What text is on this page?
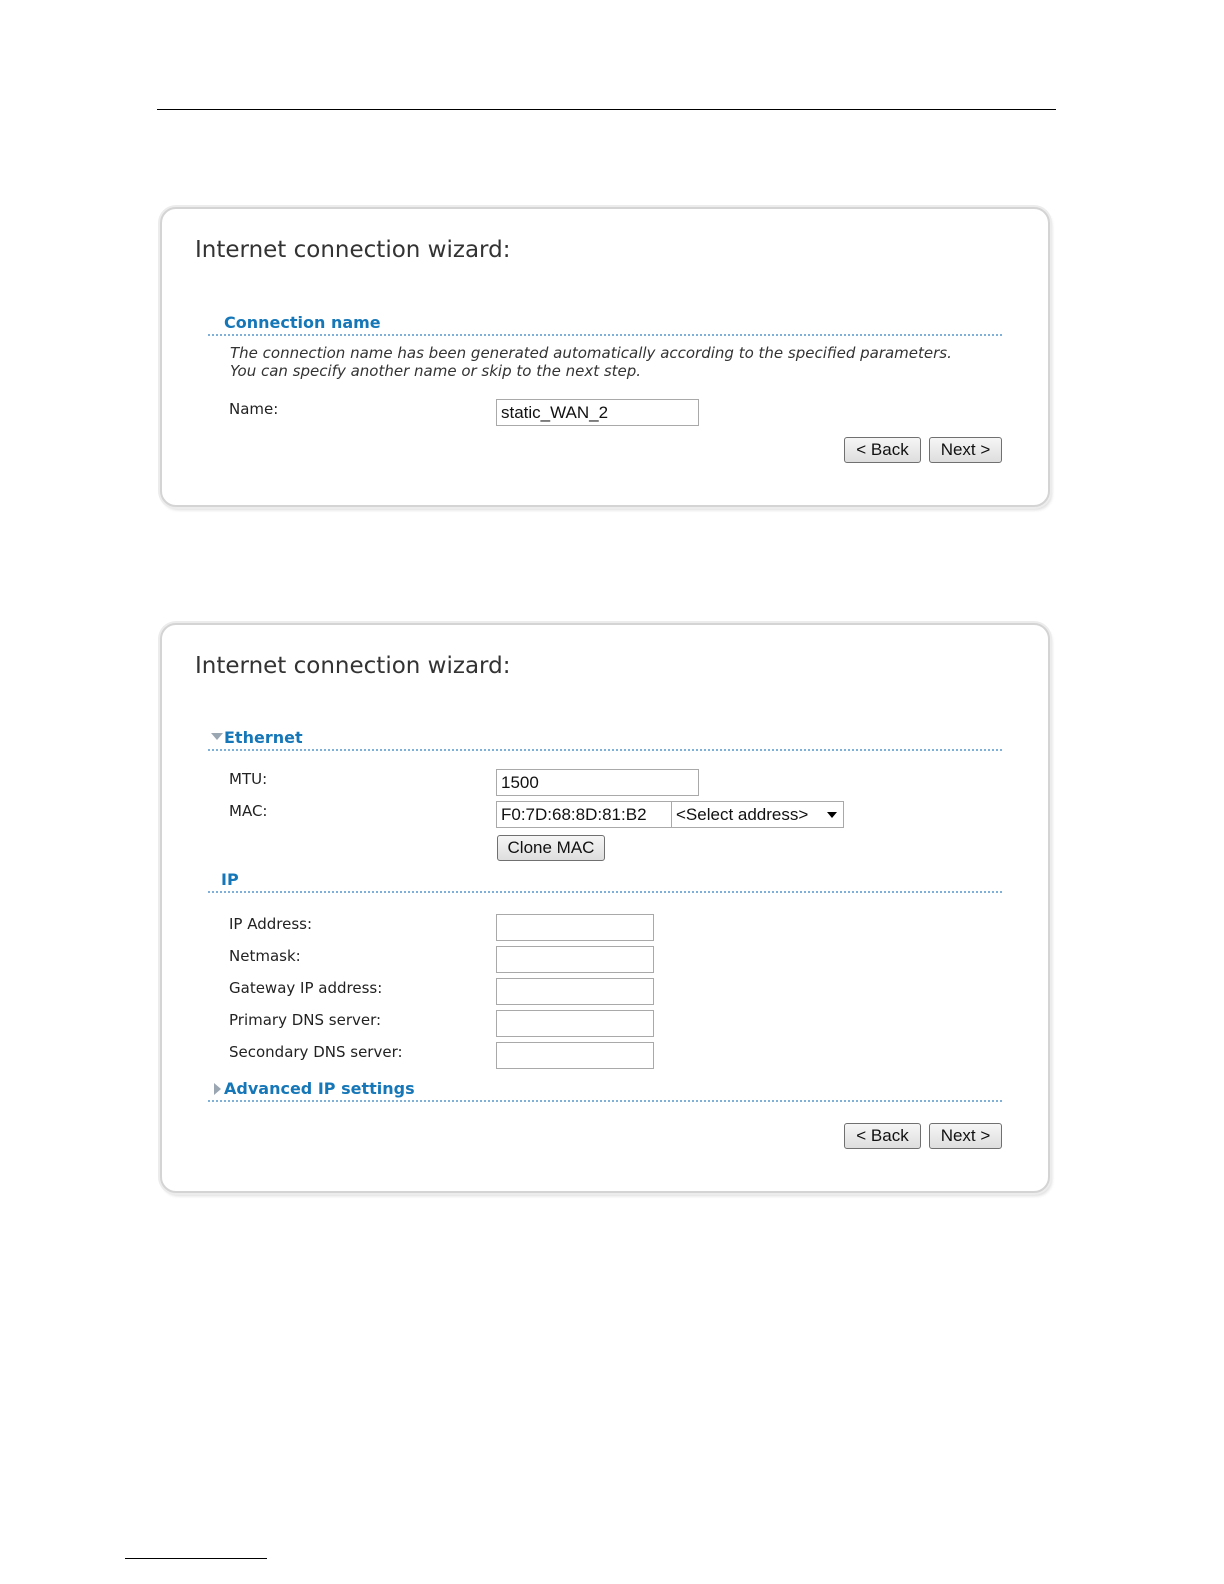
Internet connection wizard:
Connection name
The connection name has been generated automatically according to the specified parameters. You can specify another name or skip to the next step.
Name:
static_WAN_2
< Back	Next >
Internet connection wizard:
Ethernet
MTU:
1500
MAC:
F0:7D:68:8D:81:B2	<Select address>
Clone MAC
IP
IP Address:
Netmask:
Gateway IP address:
Primary DNS server:
Secondary DNS server:
Advanced IP settings
< Back	Next >
